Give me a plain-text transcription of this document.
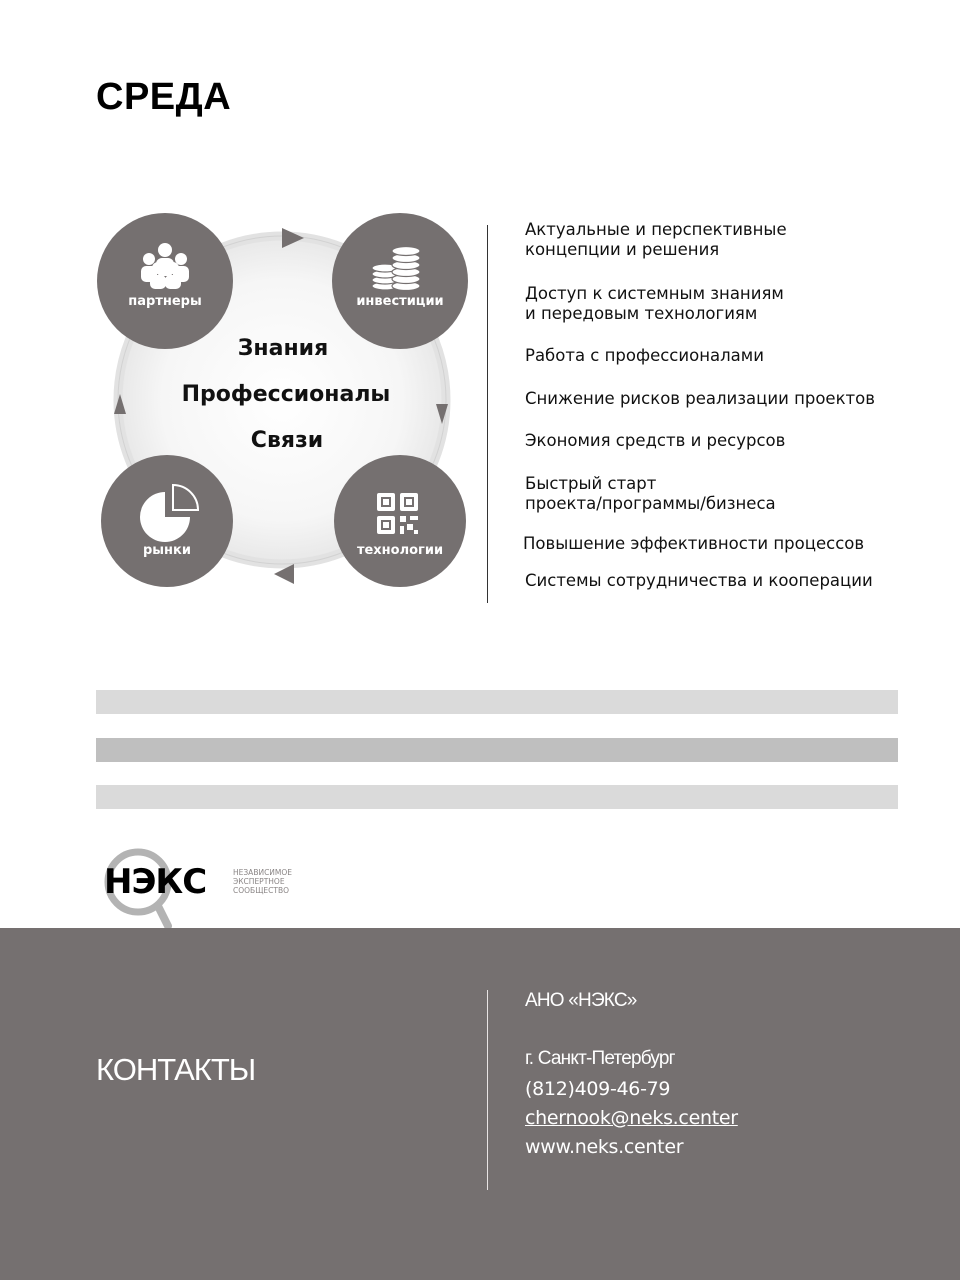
СРЕДА
партнеры	инвестиции
рынки	технологии
Знания
Профессионалы
Связи
Актуальные и перспективные
концепции и решения
Доступ к системным знаниям
и передовым технологиям
Работа с профессионалами
Снижение рисков реализации проектов
Экономия средств и ресурсов
Быстрый старт
проекта/программы/бизнеса
Повышение эффективности процессов
Системы сотрудничества и кооперации
НЭКС	НЕЗАВИСИМОЕ
ЭКСПЕРТНОЕ
СООБЩЕСТВО
КОНТАКТЫ

АНО «НЭКС»

г. Санкт-Петербург

(812)409-46-79

chernook@neks.center

www.neks.center
